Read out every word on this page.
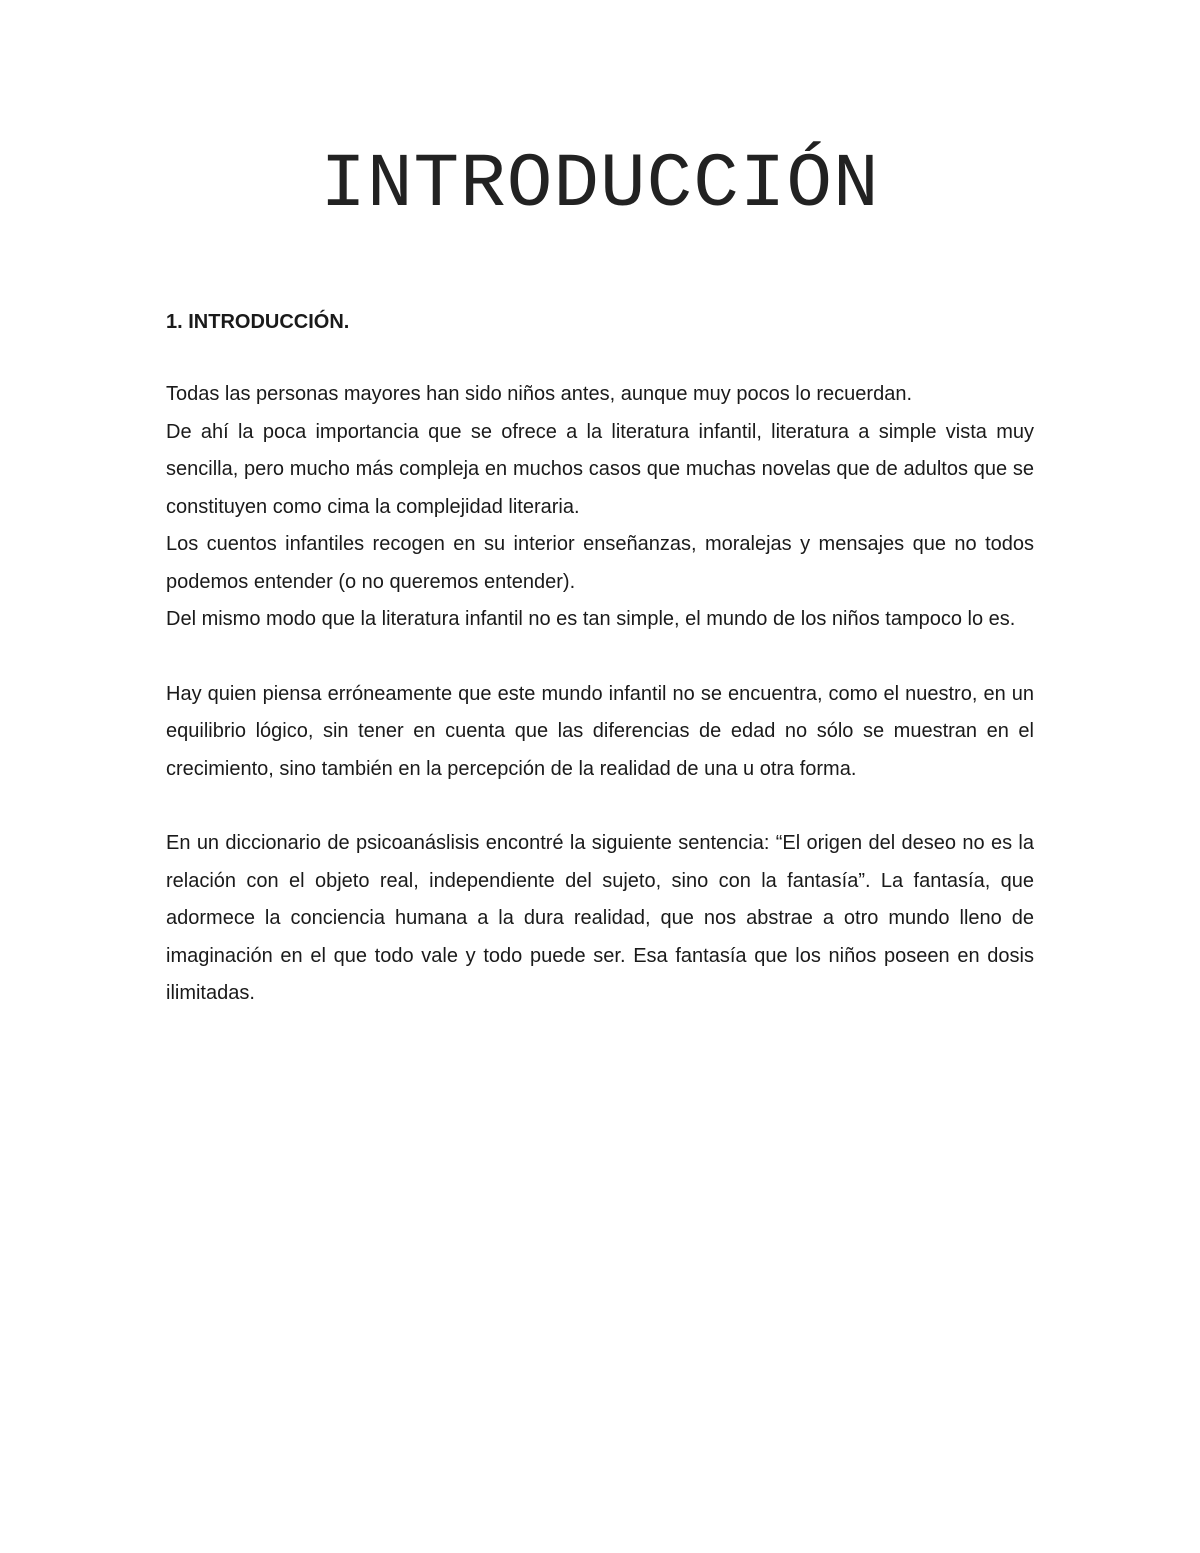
INTRODUCCIÓN
1. INTRODUCCIÓN.

Todas las personas mayores han sido niños antes, aunque muy pocos lo recuerdan.

De ahí la poca importancia que se ofrece a la literatura infantil, literatura a simple vista muy sencilla, pero mucho más compleja en muchos casos que muchas novelas que de adultos que se constituyen como cima la complejidad literaria.

Los cuentos infantiles recogen en su interior enseñanzas, moralejas y mensajes que no todos podemos entender (o no queremos entender).

Del mismo modo que la literatura infantil no es tan simple, el mundo de los niños tampoco lo es.

Hay quien piensa erróneamente que este mundo infantil no se encuentra, como el nuestro, en un equilibrio lógico, sin tener en cuenta que las diferencias de edad no sólo se muestran en el crecimiento, sino también en la percepción de la realidad de una u otra forma.

En un diccionario de psicoanáslisis encontré la siguiente sentencia: “El origen del deseo no es la relación con el objeto real, independiente del sujeto, sino con la fantasía”. La fantasía, que adormece la conciencia humana a la dura realidad, que nos abstrae a otro mundo lleno de imaginación en el que todo vale y todo puede ser. Esa fantasía que los niños poseen en dosis ilimitadas.
